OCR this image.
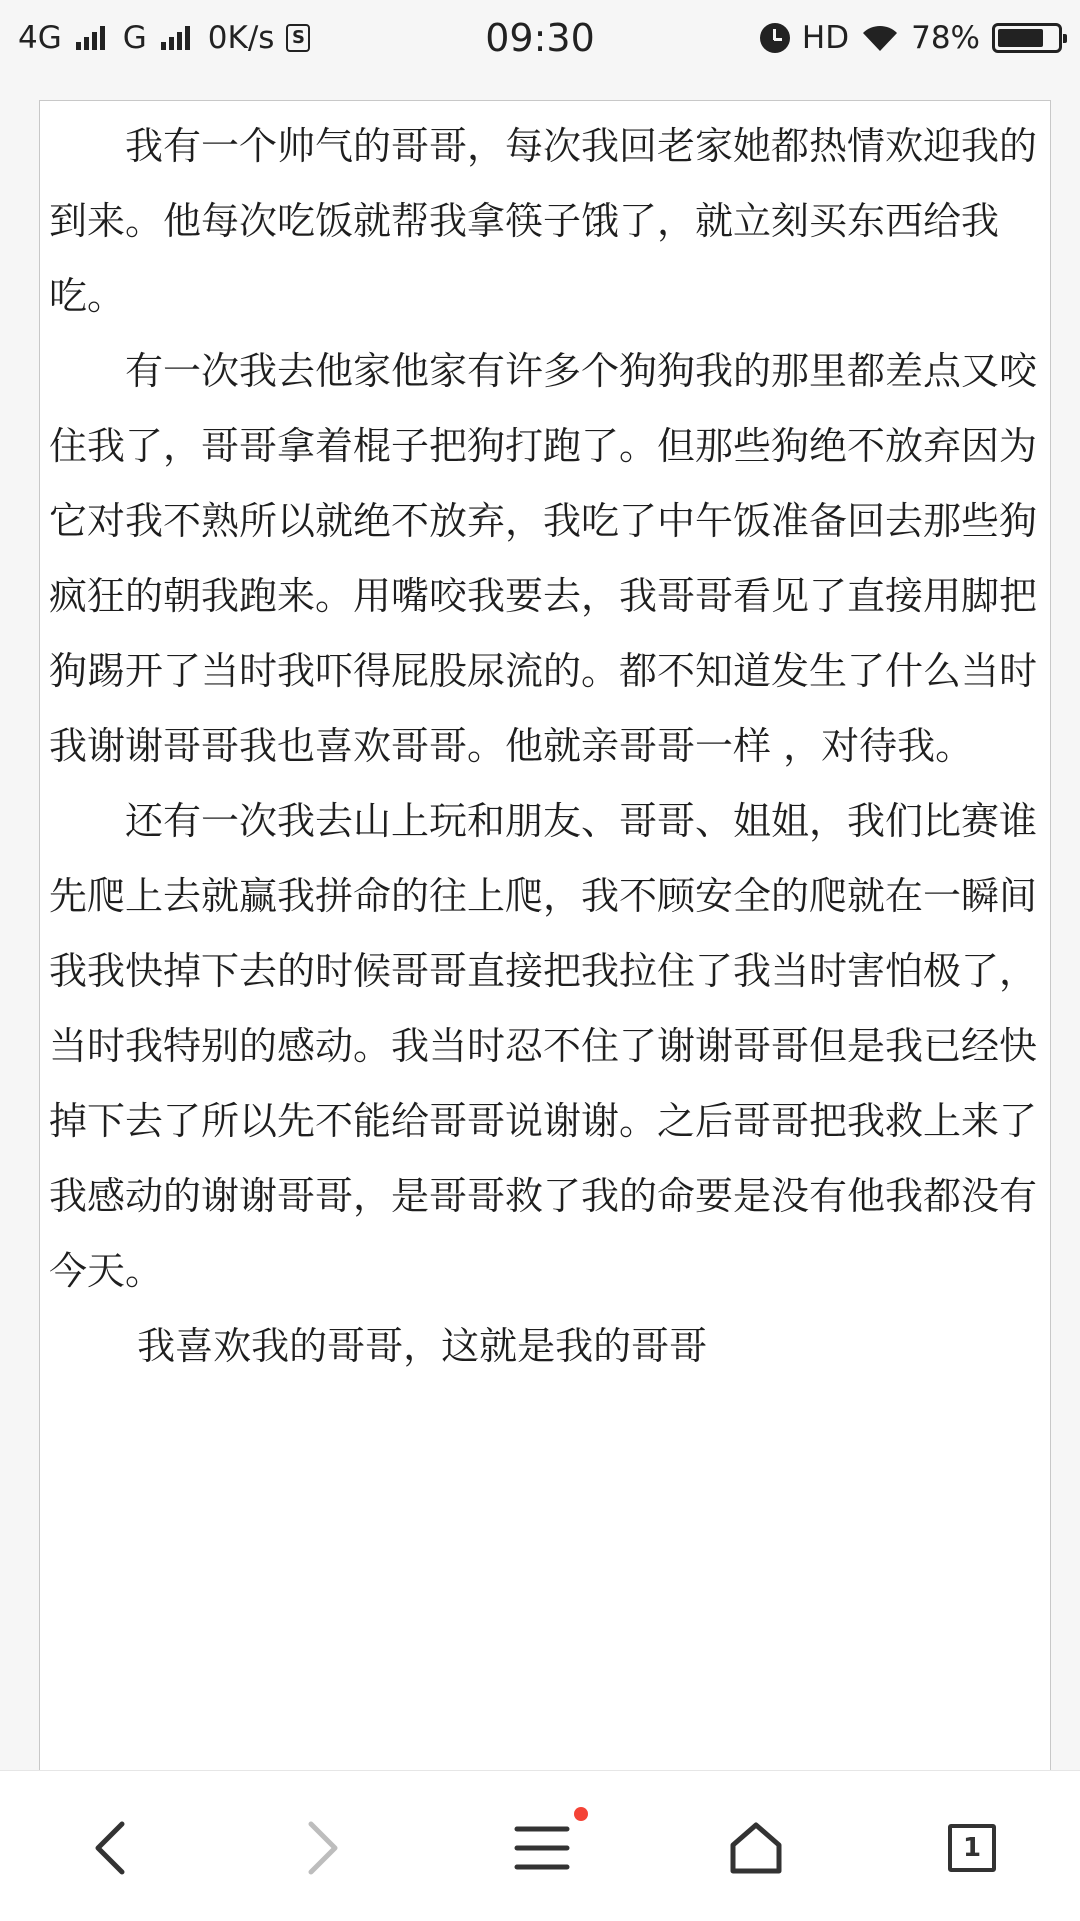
4G G 0K/s S	09:30	HD 78%

　　我有一个帅气的哥哥，每次我回老家她都热情欢迎我的到来。他每次吃饭就帮我拿筷子饿了，就立刻买东西给我吃。

　　有一次我去他家他家有许多个狗狗我的那里都差点又咬住我了，哥哥拿着棍子把狗打跑了。但那些狗绝不放弃因为它对我不熟所以就绝不放弃，我吃了中午饭准备回去那些狗疯狂的朝我跑来。用嘴咬我要去，我哥哥看见了直接用脚把狗踢开了当时我吓得屁股尿流的。都不知道发生了什么当时我谢谢哥哥我也喜欢哥哥。他就亲哥哥一样 ，对待我。

　　还有一次我去山上玩和朋友、哥哥、姐姐，我们比赛谁先爬上去就赢我拼命的往上爬，我不顾安全的爬就在一瞬间我我快掉下去的时候哥哥直接把我拉住了我当时害怕极了，当时我特别的感动。我当时忍不住了谢谢哥哥但是我已经快掉下去了所以先不能给哥哥说谢谢。之后哥哥把我救上来了我感动的谢谢哥哥，是哥哥救了我的命要是没有他我都没有今天。

　　 我喜欢我的哥哥，这就是我的哥哥

1
